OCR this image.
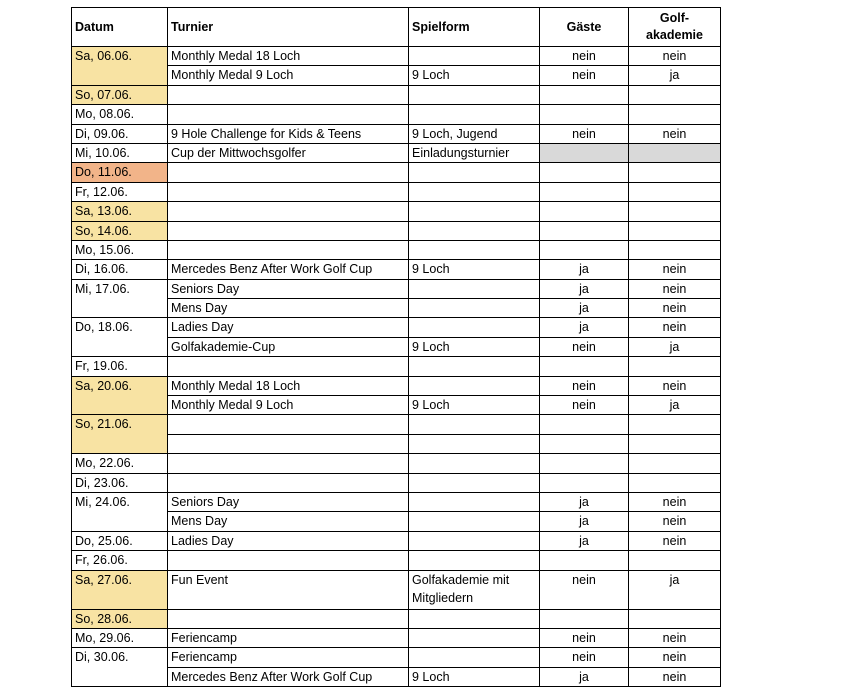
Datum	Turnier	Spielform	Gäste	Golf-
akademie
Sa, 06.06.	Monthly Medal 18 Loch		nein	nein
	Monthly Medal 9 Loch	9 Loch	nein	ja
So, 07.06.				
Mo, 08.06.				
Di, 09.06.	9 Hole Challenge for Kids & Teens	9 Loch, Jugend	nein	nein
Mi, 10.06.	Cup der Mittwochsgolfer	Einladungsturnier		
Do, 11.06.				
Fr, 12.06.				
Sa, 13.06.				
So, 14.06.				
Mo, 15.06.				
Di, 16.06.	Mercedes Benz After Work Golf Cup	9 Loch	ja	nein
Mi, 17.06.	Seniors Day		ja	nein
	Mens Day		ja	nein
Do, 18.06.	Ladies Day		ja	nein
	Golfakademie-Cup	9 Loch	nein	ja
Fr, 19.06.				
Sa, 20.06.	Monthly Medal 18 Loch		nein	nein
	Monthly Medal 9 Loch	9 Loch	nein	ja
So, 21.06.				

Mo, 22.06.				
Di, 23.06.				
Mi, 24.06.	Seniors Day		ja	nein
	Mens Day		ja	nein
Do, 25.06.	Ladies Day		ja	nein
Fr, 26.06.				
Sa, 27.06.	Fun Event	Golfakademie mit
Mitgliedern	nein	ja
So, 28.06.				
Mo, 29.06.	Feriencamp		nein	nein
Di, 30.06.	Feriencamp		nein	nein
	Mercedes Benz After Work Golf Cup	9 Loch	ja	nein
